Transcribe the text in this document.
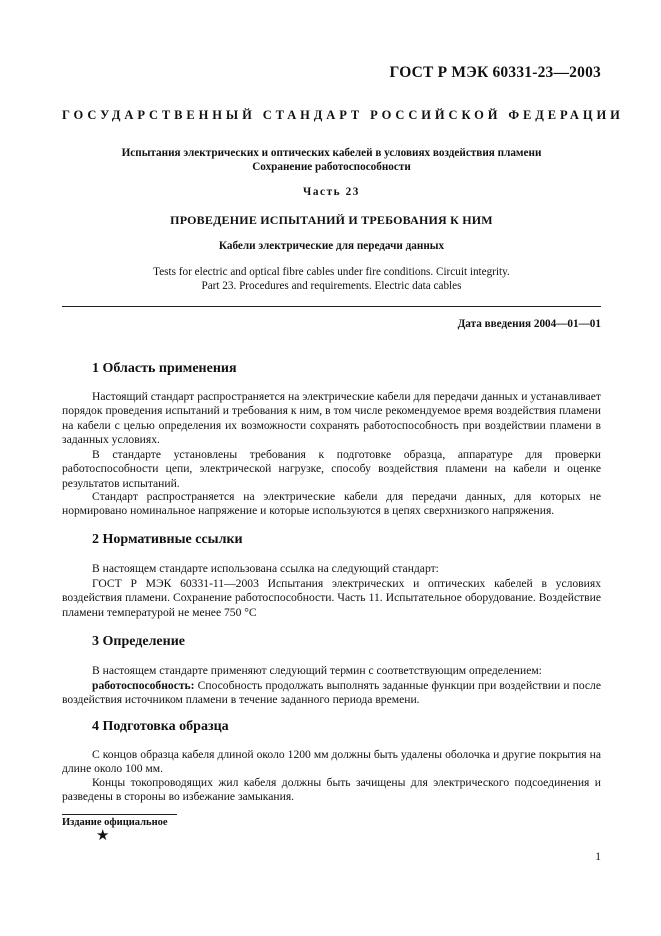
ГОСТ Р МЭК 60331-23—2003
ГОСУДАРСТВЕННЫЙ СТАНДАРТ РОССИЙСКОЙ ФЕДЕРАЦИИ
Испытания электрических и оптических кабелей в условиях воздействия пламени
Сохранение работоспособности
Часть 23
ПРОВЕДЕНИЕ ИСПЫТАНИЙ И ТРЕБОВАНИЯ К НИМ
Кабели электрические для передачи данных
Tests for electric and optical fibre cables under fire conditions. Circuit integrity.
Part 23. Procedures and requirements. Electric data cables
Дата введения 2004—01—01
1 Область применения

Настоящий стандарт распространяется на электрические кабели для передачи данных и устанавливает порядок проведения испытаний и требования к ним, в том числе рекомендуемое время воздействия пламени на кабели с целью определения их возможности сохранять работоспособность при воздействии пламени в заданных условиях.

В стандарте установлены требования к подготовке образца, аппаратуре для проверки работоспособности цепи, электрической нагрузке, способу воздействия пламени на кабели и оценке результатов испытаний.

Стандарт распространяется на электрические кабели для передачи данных, для которых не нормировано номинальное напряжение и которые используются в цепях сверхнизкого напряжения.

2 Нормативные ссылки

В настоящем стандарте использована ссылка на следующий стандарт:

ГОСТ Р МЭК 60331-11—2003 Испытания электрических и оптических кабелей в условиях воздействия пламени. Сохранение работоспособности. Часть 11. Испытательное оборудование. Воздействие пламени температурой не менее 750 °C

3 Определение

В настоящем стандарте применяют следующий термин с соответствующим определением:

работоспособность: Способность продолжать выполнять заданные функции при воздействии и после воздействия источником пламени в течение заданного периода времени.

4 Подготовка образца

С концов образца кабеля длиной около 1200 мм должны быть удалены оболочка и другие покрытия на длине около 100 мм.

Концы токопроводящих жил кабеля должны быть зачищены для электрического подсоединения и разведены в стороны во избежание замыкания.

Издание официальное
★
1
